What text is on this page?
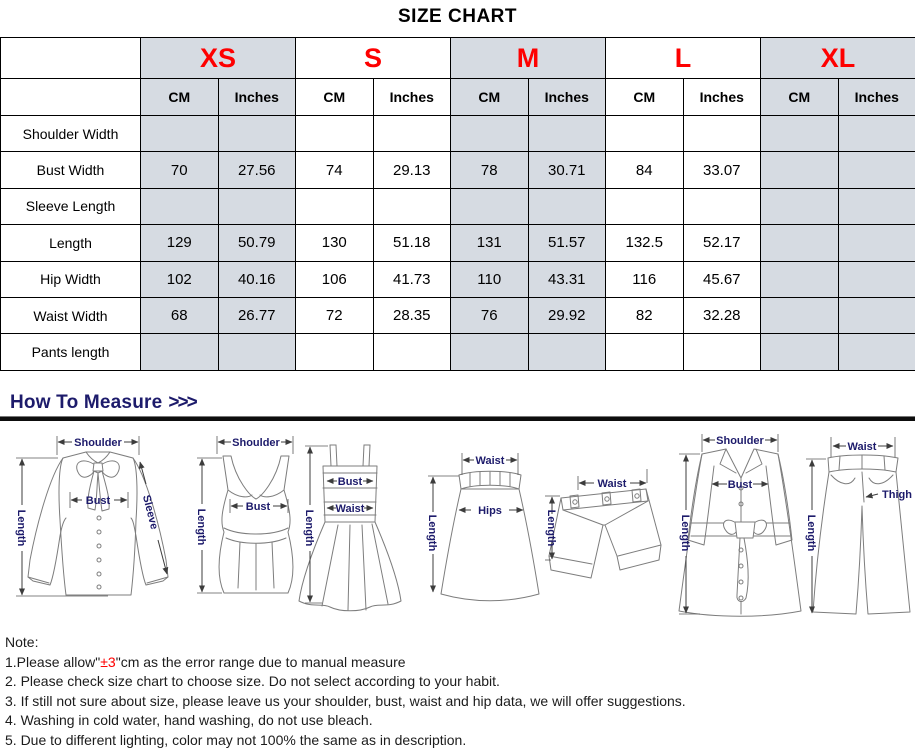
SIZE CHART
	XS		S		M		L		XL	
	CM	Inches	CM	Inches	CM	Inches	CM	Inches	CM	Inches
Shoulder Width										
Bust Width	70	27.56	74	29.13	78	30.71	84	33.07		
Sleeve Length										
Length	129	50.79	130	51.18	131	51.57	132.5	52.17		
Hip Width	102	40.16	106	41.73	110	43.31	116	45.67		
Waist Width	68	26.77	72	28.35	76	29.92	82	32.28		
Pants length										
How To Measure >>>
Shoulder
Length
Bust	Sleeve
Shoulder
Length
Bust
Bust
Waist
Length
Waist
Hips
Length
Waist
Length
Shoulder
Bust
Length
Waist
Length
Thigh
Note:
1.Please allow"±3"cm as the error range due to manual measure
2. Please check size chart to choose size. Do not select according to your habit.
3. If still not sure about size, please leave us your shoulder, bust, waist and hip data, we will offer suggestions.
4. Washing in cold water, hand washing, do not use bleach.
5. Due to different lighting, color may not 100% the same as in description.
